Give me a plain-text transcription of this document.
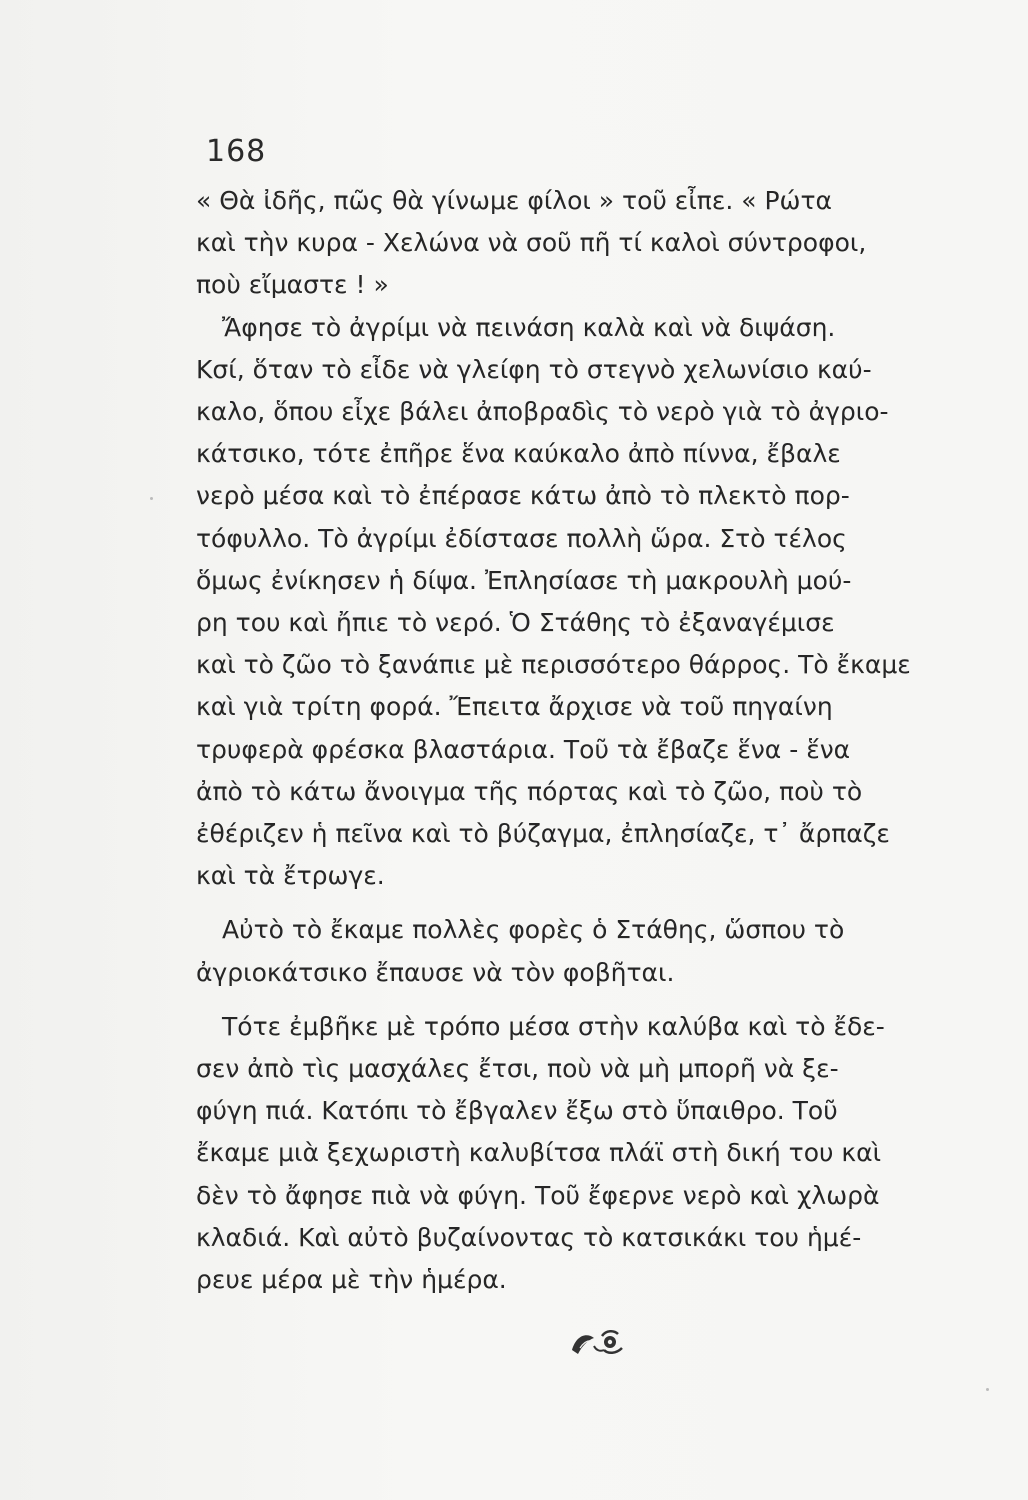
168
« Θὰ ἰδῆς, πῶς θὰ γίνωμε φίλοι » τοῦ εἶπε. « Ρώτα
καὶ τὴν κυρα - Χελώνα νὰ σοῦ πῆ τί καλοὶ σύντροφοι,
ποὺ εἴμαστε ! »
Ἄφησε τὸ ἀγρίμι νὰ πεινάση καλὰ καὶ νὰ διψάση.
Κσί, ὅταν τὸ εἶδε νὰ γλείφη τὸ στεγνὸ χελωνίσιο καύ-
καλο, ὅπου εἶχε βάλει ἀποβραδὶς τὸ νερὸ γιὰ τὸ ἀγριο-
κάτσικο, τότε ἐπῆρε ἕνα καύκαλο ἀπὸ πίννα, ἔβαλε
νερὸ μέσα καὶ τὸ ἐπέρασε κάτω ἀπὸ τὸ πλεκτὸ πορ-
τόφυλλο. Τὸ ἀγρίμι ἐδίστασε πολλὴ ὥρα. Στὸ τέλος
ὅμως ἐνίκησεν ἡ δίψα. Ἐπλησίασε τὴ μακρουλὴ μού-
ρη του καὶ ἤπιε τὸ νερό. Ὁ Στάθης τὸ ἐξαναγέμισε
καὶ τὸ ζῶο τὸ ξανάπιε μὲ περισσότερο θάρρος. Τὸ ἔκαμε
καὶ γιὰ τρίτη φορά. Ἔπειτα ἄρχισε νὰ τοῦ πηγαίνη
τρυφερὰ φρέσκα βλαστάρια. Τοῦ τὰ ἔβαζε ἕνα - ἕνα
ἀπὸ τὸ κάτω ἄνοιγμα τῆς πόρτας καὶ τὸ ζῶο, ποὺ τὸ
ἐθέριζεν ἡ πεῖνα καὶ τὸ βύζαγμα, ἐπλησίαζε, τ᾽ ἄρπαζε
καὶ τὰ ἔτρωγε.
Αὐτὸ τὸ ἔκαμε πολλὲς φορὲς ὁ Στάθης, ὥσπου τὸ
ἀγριοκάτσικο ἔπαυσε νὰ τὸν φοβῆται.
Τότε ἐμβῆκε μὲ τρόπο μέσα στὴν καλύβα καὶ τὸ ἔδε-
σεν ἀπὸ τὶς μασχάλες ἔτσι, ποὺ νὰ μὴ μπορῆ νὰ ξε-
φύγη πιά. Κατόπι τὸ ἔβγαλεν ἔξω στὸ ὕπαιθρο. Τοῦ
ἔκαμε μιὰ ξεχωριστὴ καλυβίτσα πλάϊ στὴ δική του καὶ
δὲν τὸ ἄφησε πιὰ νὰ φύγη. Τοῦ ἔφερνε νερὸ καὶ χλωρὰ
κλαδιά. Καὶ αὐτὸ βυζαίνοντας τὸ κατσικάκι του ἡμέ-
ρευε μέρα μὲ τὴν ἡμέρα.
